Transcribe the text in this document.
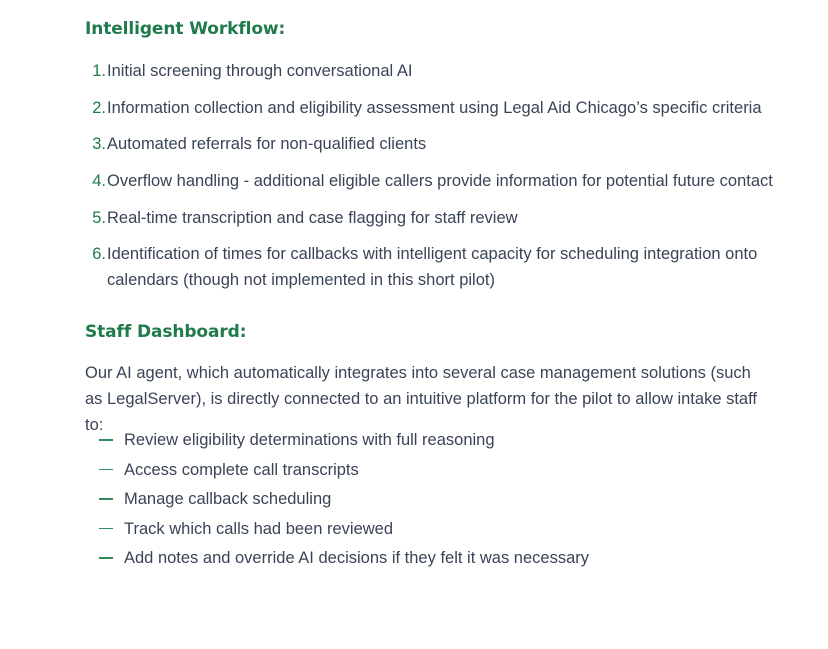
Intelligent Workflow:
1. Initial screening through conversational AI
2. Information collection and eligibility assessment using Legal Aid Chicago’s specific criteria
3. Automated referrals for non-qualified clients
4. Overflow handling - additional eligible callers provide information for potential future contact
5. Real-time transcription and case flagging for staff review
6. Identification of times for callbacks with intelligent capacity for scheduling integration onto calendars (though not implemented in this short pilot)
Staff Dashboard:

Our AI agent, which automatically integrates into several case management solutions (such as LegalServer), is directly connected to an intuitive platform for the pilot to allow intake staff to:

Review eligibility determinations with full reasoning
Access complete call transcripts
Manage callback scheduling
Track which calls had been reviewed
Add notes and override AI decisions if they felt it was necessary
